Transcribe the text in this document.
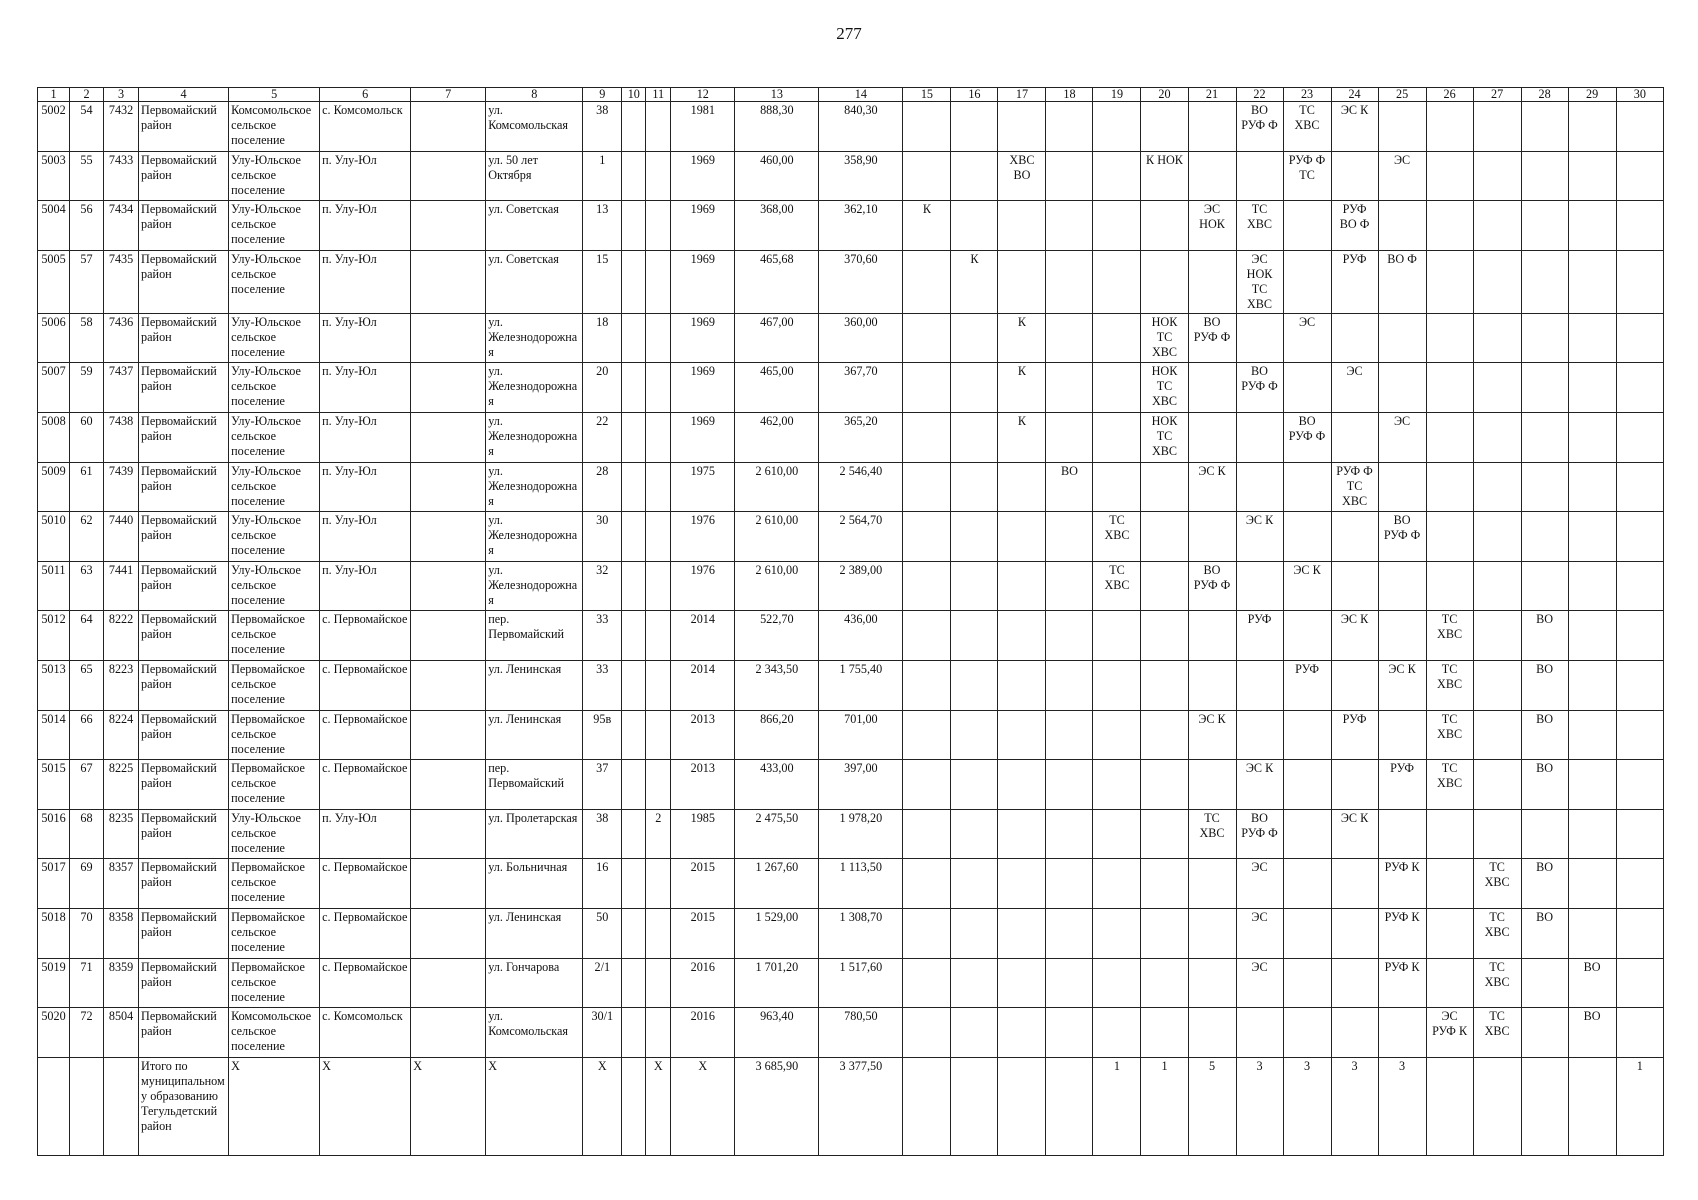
277
1	2	3	4	5	6	7	8	9	10	11	12	13	14	15	16	17	18	19	20	21	22	23	24	25	26	27	28	29	30
5002	54	7432	Первомайский район	Комсомольское сельское поселение	с. Комсомольск		ул. Комсомольская	38			1981	888,30	840,30								ВО РУФ Ф	ТС ХВС	ЭС К						
5003	55	7433	Первомайский район	Улу-Юльское сельское поселение	п. Улу-Юл		ул. 50 лет Октября	1			1969	460,00	358,90			ХВС ВО			К НОК			РУФ Ф ТС		ЭС					
5004	56	7434	Первомайский район	Улу-Юльское сельское поселение	п. Улу-Юл		ул. Советская	13			1969	368,00	362,10	К						ЭС НОК	ТС ХВС		РУФ ВО Ф						
5005	57	7435	Первомайский район	Улу-Юльское сельское поселение	п. Улу-Юл		ул. Советская	15			1969	465,68	370,60		К						ЭС НОК ТС ХВС		РУФ	ВО Ф					
5006	58	7436	Первомайский район	Улу-Юльское сельское поселение	п. Улу-Юл		ул. Железнодорожная	18			1969	467,00	360,00			К			НОК ТС ХВС	ВО РУФ Ф		ЭС							
5007	59	7437	Первомайский район	Улу-Юльское сельское поселение	п. Улу-Юл		ул. Железнодорожная	20			1969	465,00	367,70			К			НОК ТС ХВС		ВО РУФ Ф		ЭС						
5008	60	7438	Первомайский район	Улу-Юльское сельское поселение	п. Улу-Юл		ул. Железнодорожная	22			1969	462,00	365,20			К			НОК ТС ХВС			ВО РУФ Ф		ЭС					
5009	61	7439	Первомайский район	Улу-Юльское сельское поселение	п. Улу-Юл		ул. Железнодорожная	28			1975	2 610,00	2 546,40				ВО			ЭС К			РУФ Ф ТС ХВС						
5010	62	7440	Первомайский район	Улу-Юльское сельское поселение	п. Улу-Юл		ул. Железнодорожная	30			1976	2 610,00	2 564,70					ТС ХВС			ЭС К			ВО РУФ Ф					
5011	63	7441	Первомайский район	Улу-Юльское сельское поселение	п. Улу-Юл		ул. Железнодорожная	32			1976	2 610,00	2 389,00					ТС ХВС		ВО РУФ Ф		ЭС К							
5012	64	8222	Первомайский район	Первомайское сельское поселение	с. Первомайское		пер. Первомайский	33			2014	522,70	436,00								РУФ		ЭС К		ТС ХВС		ВО		
5013	65	8223	Первомайский район	Первомайское сельское поселение	с. Первомайское		ул. Ленинская	33			2014	2 343,50	1 755,40									РУФ		ЭС К	ТС ХВС		ВО		
5014	66	8224	Первомайский район	Первомайское сельское поселение	с. Первомайское		ул. Ленинская	95в			2013	866,20	701,00							ЭС К			РУФ		ТС ХВС		ВО		
5015	67	8225	Первомайский район	Первомайское сельское поселение	с. Первомайское		пер. Первомайский	37			2013	433,00	397,00								ЭС К			РУФ	ТС ХВС		ВО		
5016	68	8235	Первомайский район	Улу-Юльское сельское поселение	п. Улу-Юл		ул. Пролетарская	38		2	1985	2 475,50	1 978,20							ТС ХВС	ВО РУФ Ф		ЭС К						
5017	69	8357	Первомайский район	Первомайское сельское поселение	с. Первомайское		ул. Больничная	16			2015	1 267,60	1 113,50								ЭС			РУФ К		ТС ХВС	ВО		
5018	70	8358	Первомайский район	Первомайское сельское поселение	с. Первомайское		ул. Ленинская	50			2015	1 529,00	1 308,70								ЭС			РУФ К		ТС ХВС	ВО		
5019	71	8359	Первомайский район	Первомайское сельское поселение	с. Первомайское		ул. Гончарова	2/1			2016	1 701,20	1 517,60								ЭС			РУФ К		ТС ХВС		ВО	
5020	72	8504	Первомайский район	Комсомольское сельское поселение	с. Комсомольск		ул. Комсомольская	30/1			2016	963,40	780,50												ЭС РУФ К	ТС ХВС		ВО	
			Итого по муниципальному образованию Тегульдетский район	Х	Х	Х	Х	Х		Х	Х	3 685,90	3 377,50					1	1	5	3	3	3	3					1
